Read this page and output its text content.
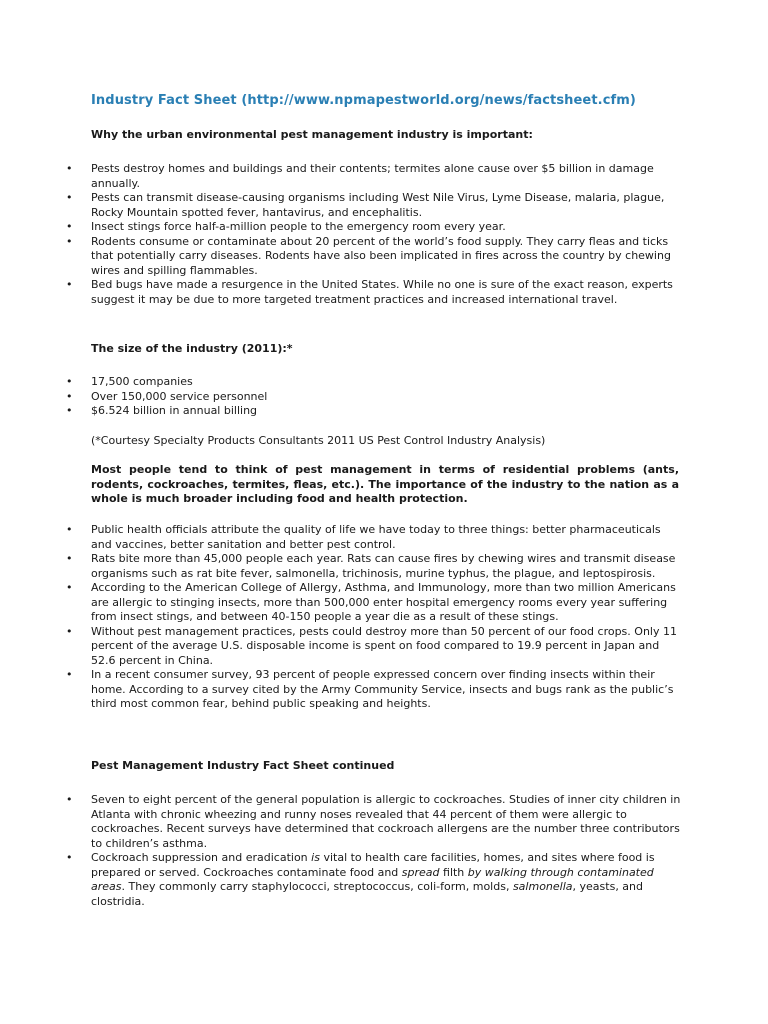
Industry Fact Sheet (http://www.npmapestworld.org/news/factsheet.cfm)
Why the urban environmental pest management industry is important:
• Pests destroy homes and buildings and their contents; termites alone cause over $5 billion in damage annually.
• Pests can transmit disease-causing organisms including West Nile Virus, Lyme Disease, malaria, plague, Rocky Mountain spotted fever, hantavirus, and encephalitis.
• Insect stings force half-a-million people to the emergency room every year.
• Rodents consume or contaminate about 20 percent of the world’s food supply. They carry fleas and ticks that potentially carry diseases. Rodents have also been implicated in fires across the country by chewing wires and spilling flammables.
• Bed bugs have made a resurgence in the United States. While no one is sure of the exact reason, experts suggest it may be due to more targeted treatment practices and increased international travel.
The size of the industry (2011):*
• 17,500 companies
• Over 150,000 service personnel
• $6.524 billion in annual billing
(*Courtesy Specialty Products Consultants 2011 US Pest Control Industry Analysis)
Most people tend to think of pest management in terms of residential problems (ants, rodents, cockroaches, termites, fleas, etc.). The importance of the industry to the nation as a whole is much broader including food and health protection.
• Public health officials attribute the quality of life we have today to three things: better pharmaceuticals and vaccines, better sanitation and better pest control.
• Rats bite more than 45,000 people each year. Rats can cause fires by chewing wires and transmit disease organisms such as rat bite fever, salmonella, trichinosis, murine typhus, the plague, and leptospirosis.
• According to the American College of Allergy, Asthma, and Immunology, more than two million Americans are allergic to stinging insects, more than 500,000 enter hospital emergency rooms every year suffering from insect stings, and between 40-150 people a year die as a result of these stings.
• Without pest management practices, pests could destroy more than 50 percent of our food crops. Only 11 percent of the average U.S. disposable income is spent on food compared to 19.9 percent in Japan and 52.6 percent in China.
• In a recent consumer survey, 93 percent of people expressed concern over finding insects within their home. According to a survey cited by the Army Community Service, insects and bugs rank as the public’s third most common fear, behind public speaking and heights.
Pest Management Industry Fact Sheet continued
• Seven to eight percent of the general population is allergic to cockroaches. Studies of inner city children in Atlanta with chronic wheezing and runny noses revealed that 44 percent of them were allergic to cockroaches. Recent surveys have determined that cockroach allergens are the number three contributors to children’s asthma.
• Cockroach suppression and eradication is vital to health care facilities, homes, and sites where food is prepared or served. Cockroaches contaminate food and spread filth by walking through contaminated areas. They commonly carry staphylococci, streptococcus, coli-form, molds, salmonella, yeasts, and clostridia.
